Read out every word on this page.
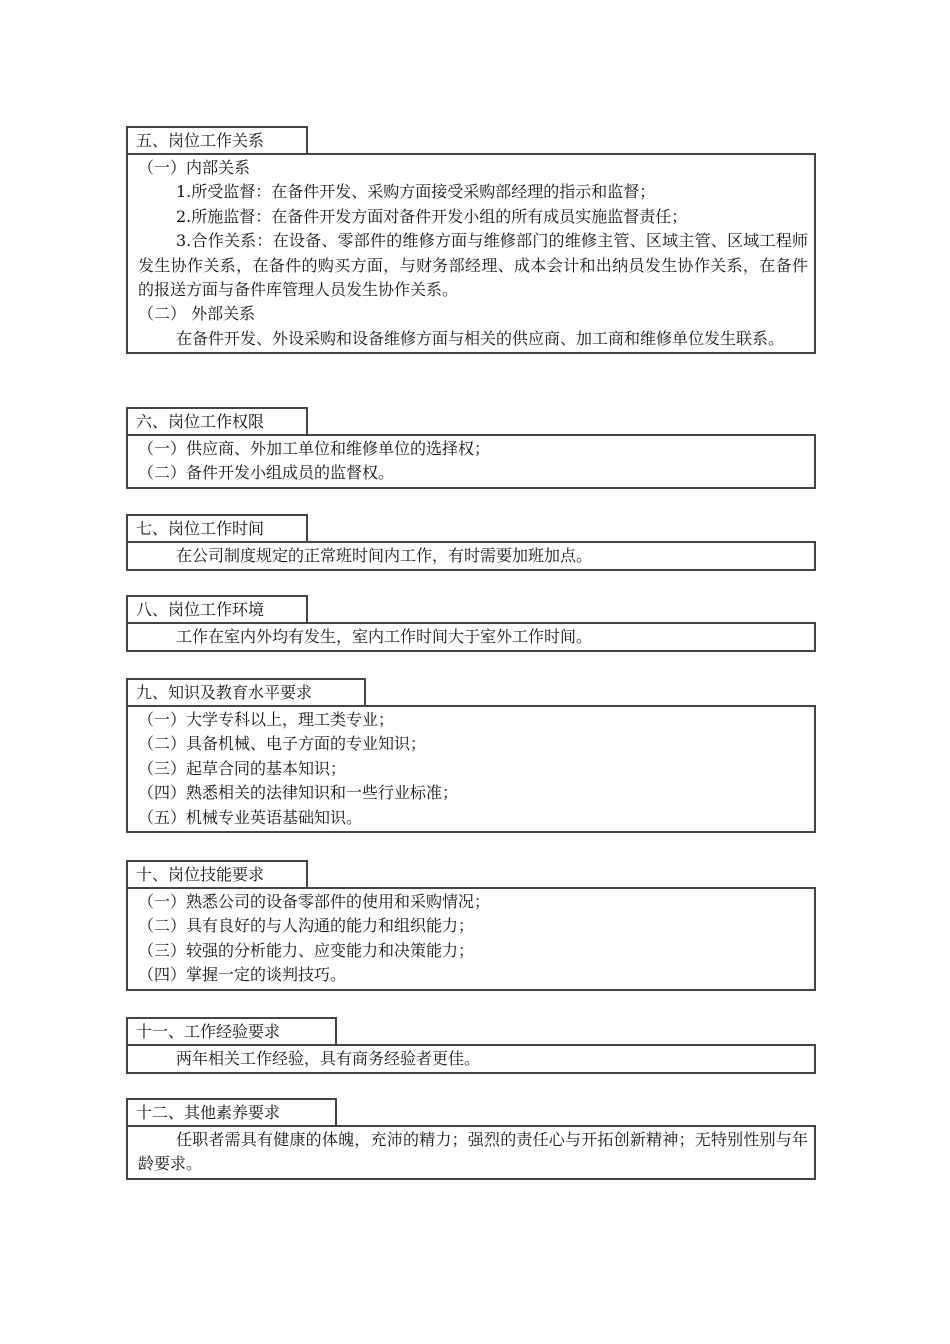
五、岗位工作关系
（一）内部关系
1.所受监督：在备件开发、采购方面接受采购部经理的指示和监督；
2.所施监督：在备件开发方面对备件开发小组的所有成员实施监督责任；
3.合作关系：在设备、零部件的维修方面与维修部门的维修主管、区域主管、区域工程师发生协作关系，在备件的购买方面，与财务部经理、成本会计和出纳员发生协作关系，在备件的报送方面与备件库管理人员发生协作关系。
（二） 外部关系
在备件开发、外设采购和设备维修方面与相关的供应商、加工商和维修单位发生联系。
六、岗位工作权限
（一）供应商、外加工单位和维修单位的选择权；
（二）备件开发小组成员的监督权。
七、岗位工作时间
在公司制度规定的正常班时间内工作，有时需要加班加点。
八、岗位工作环境
工作在室内外均有发生，室内工作时间大于室外工作时间。
九、知识及教育水平要求
（一）大学专科以上，理工类专业；
（二）具备机械、电子方面的专业知识；
（三）起草合同的基本知识；
（四）熟悉相关的法律知识和一些行业标准；
（五）机械专业英语基础知识。
十、岗位技能要求
（一）熟悉公司的设备零部件的使用和采购情况；
（二）具有良好的与人沟通的能力和组织能力；
（三）较强的分析能力、应变能力和决策能力；
（四）掌握一定的谈判技巧。
十一、工作经验要求
两年相关工作经验，具有商务经验者更佳。
十二、其他素养要求
任职者需具有健康的体魄，充沛的精力；强烈的责任心与开拓创新精神；无特别性别与年龄要求。
